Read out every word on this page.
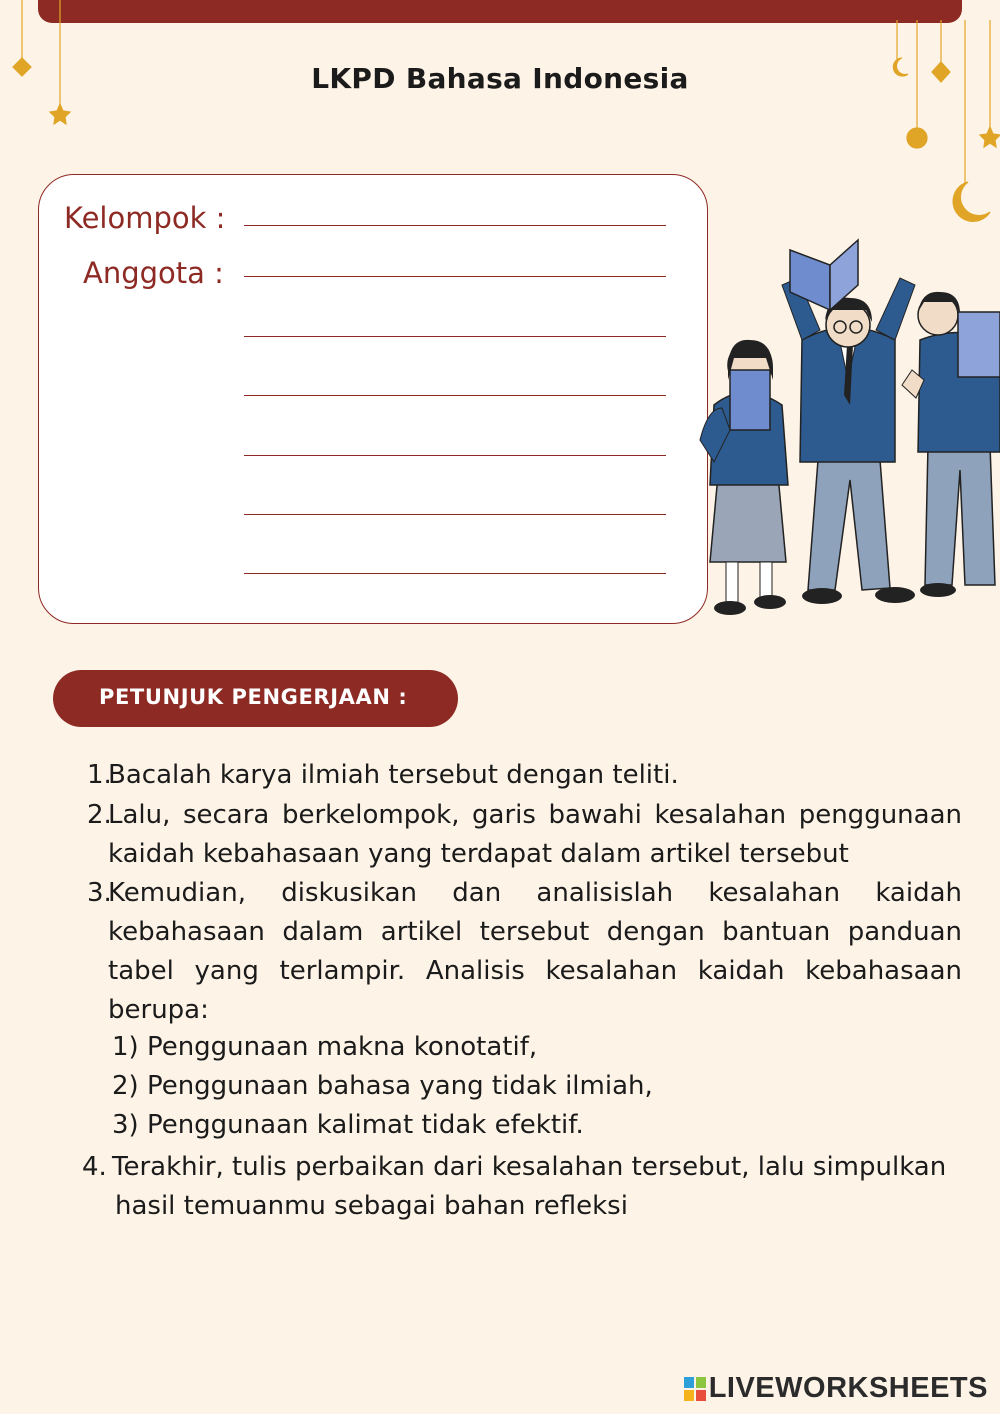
LKPD Bahasa Indonesia
Kelompok :
Anggota :
PETUNJUK PENGERJAAN :
1.
Bacalah karya ilmiah tersebut dengan teliti.
2.
Lalu, secara berkelompok, garis bawahi kesalahan penggunaan
kaidah kebahasaan yang terdapat dalam artikel tersebut
3.
Kemudian, diskusikan dan analisislah kesalahan kaidah
kebahasaan dalam artikel tersebut dengan bantuan panduan
tabel yang terlampir. Analisis kesalahan kaidah kebahasaan
berupa:
1) Penggunaan makna konotatif,
2) Penggunaan bahasa yang tidak ilmiah,
3) Penggunaan kalimat tidak efektif.
4. Terakhir, tulis perbaikan dari kesalahan tersebut, lalu simpulkan
hasil temuanmu sebagai bahan refleksi
LIVEWORKSHEETS
